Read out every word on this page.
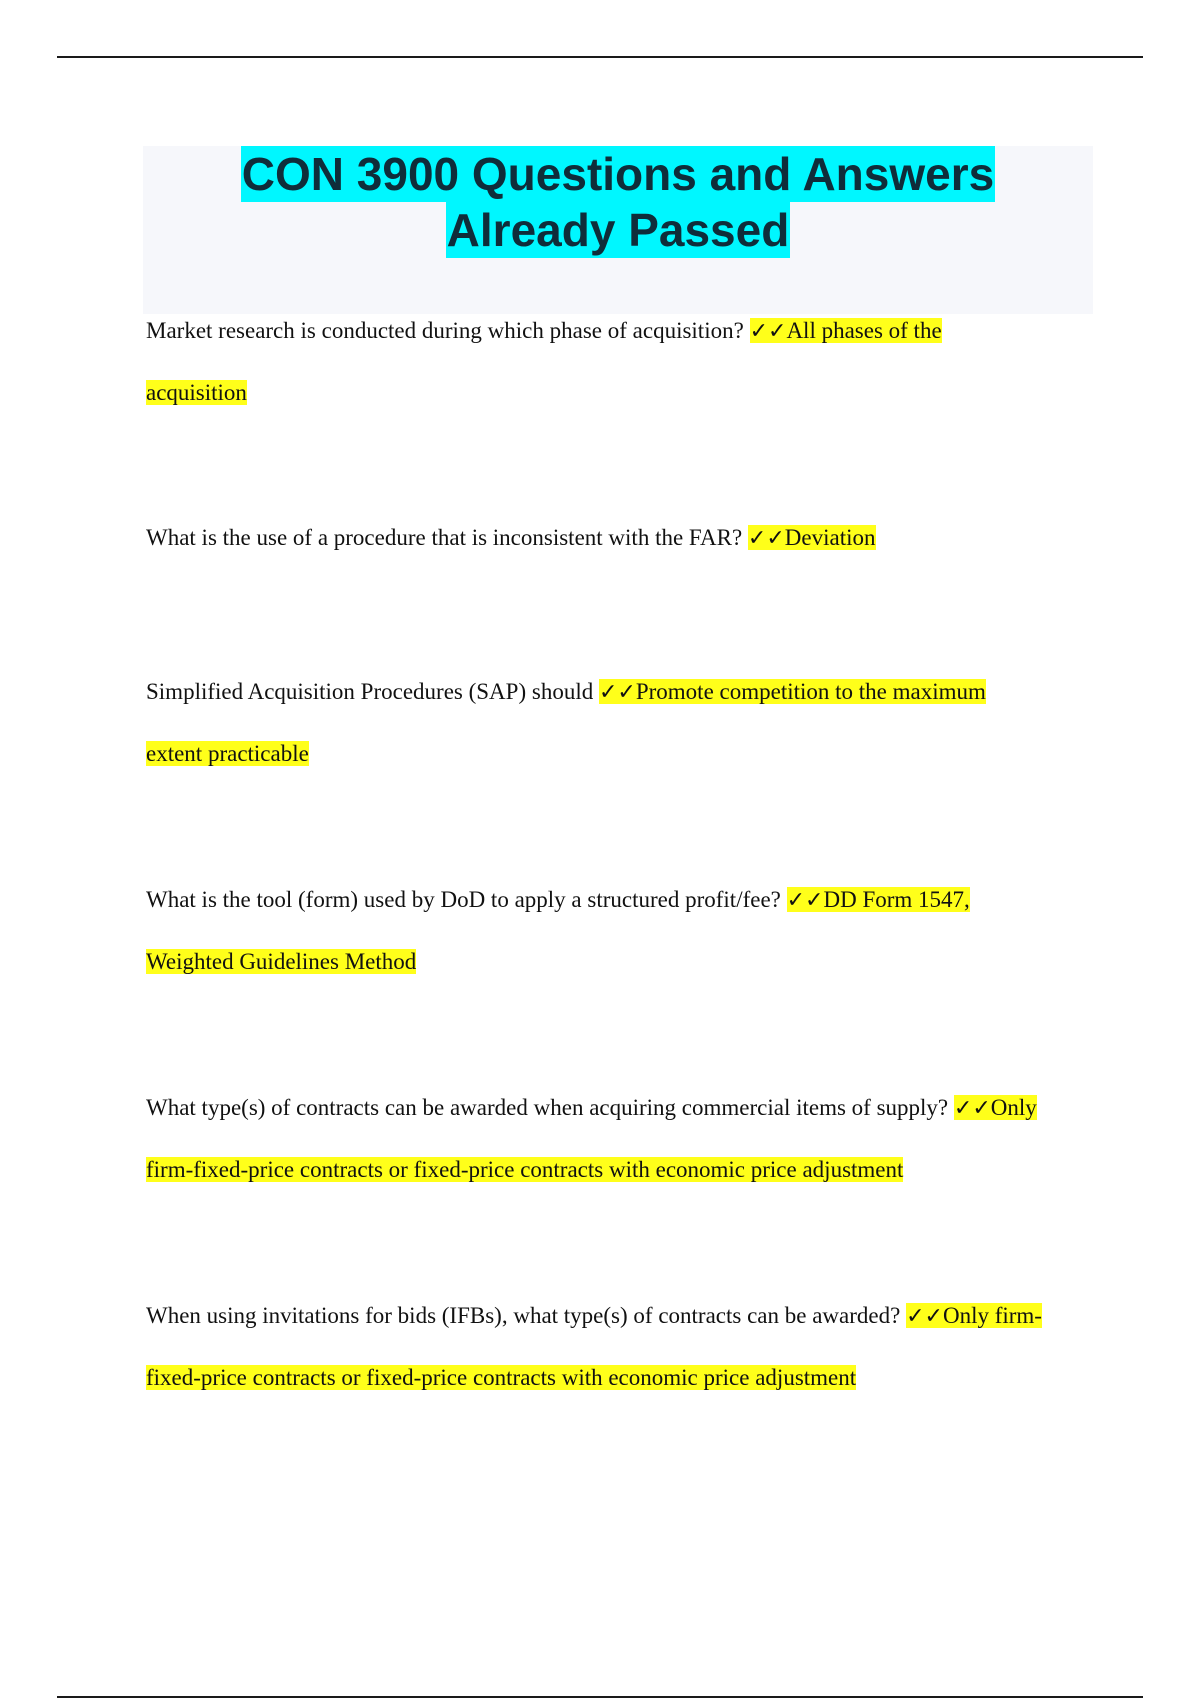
CON 3900 Questions and Answers
Already Passed
Market research is conducted during which phase of acquisition? ✓✓All phases of the
acquisition
What is the use of a procedure that is inconsistent with the FAR? ✓✓Deviation
Simplified Acquisition Procedures (SAP) should ✓✓Promote competition to the maximum
extent practicable
What is the tool (form) used by DoD to apply a structured profit/fee? ✓✓DD Form 1547,
Weighted Guidelines Method
What type(s) of contracts can be awarded when acquiring commercial items of supply? ✓✓Only
firm-fixed-price contracts or fixed-price contracts with economic price adjustment
When using invitations for bids (IFBs), what type(s) of contracts can be awarded? ✓✓Only firm-
fixed-price contracts or fixed-price contracts with economic price adjustment
